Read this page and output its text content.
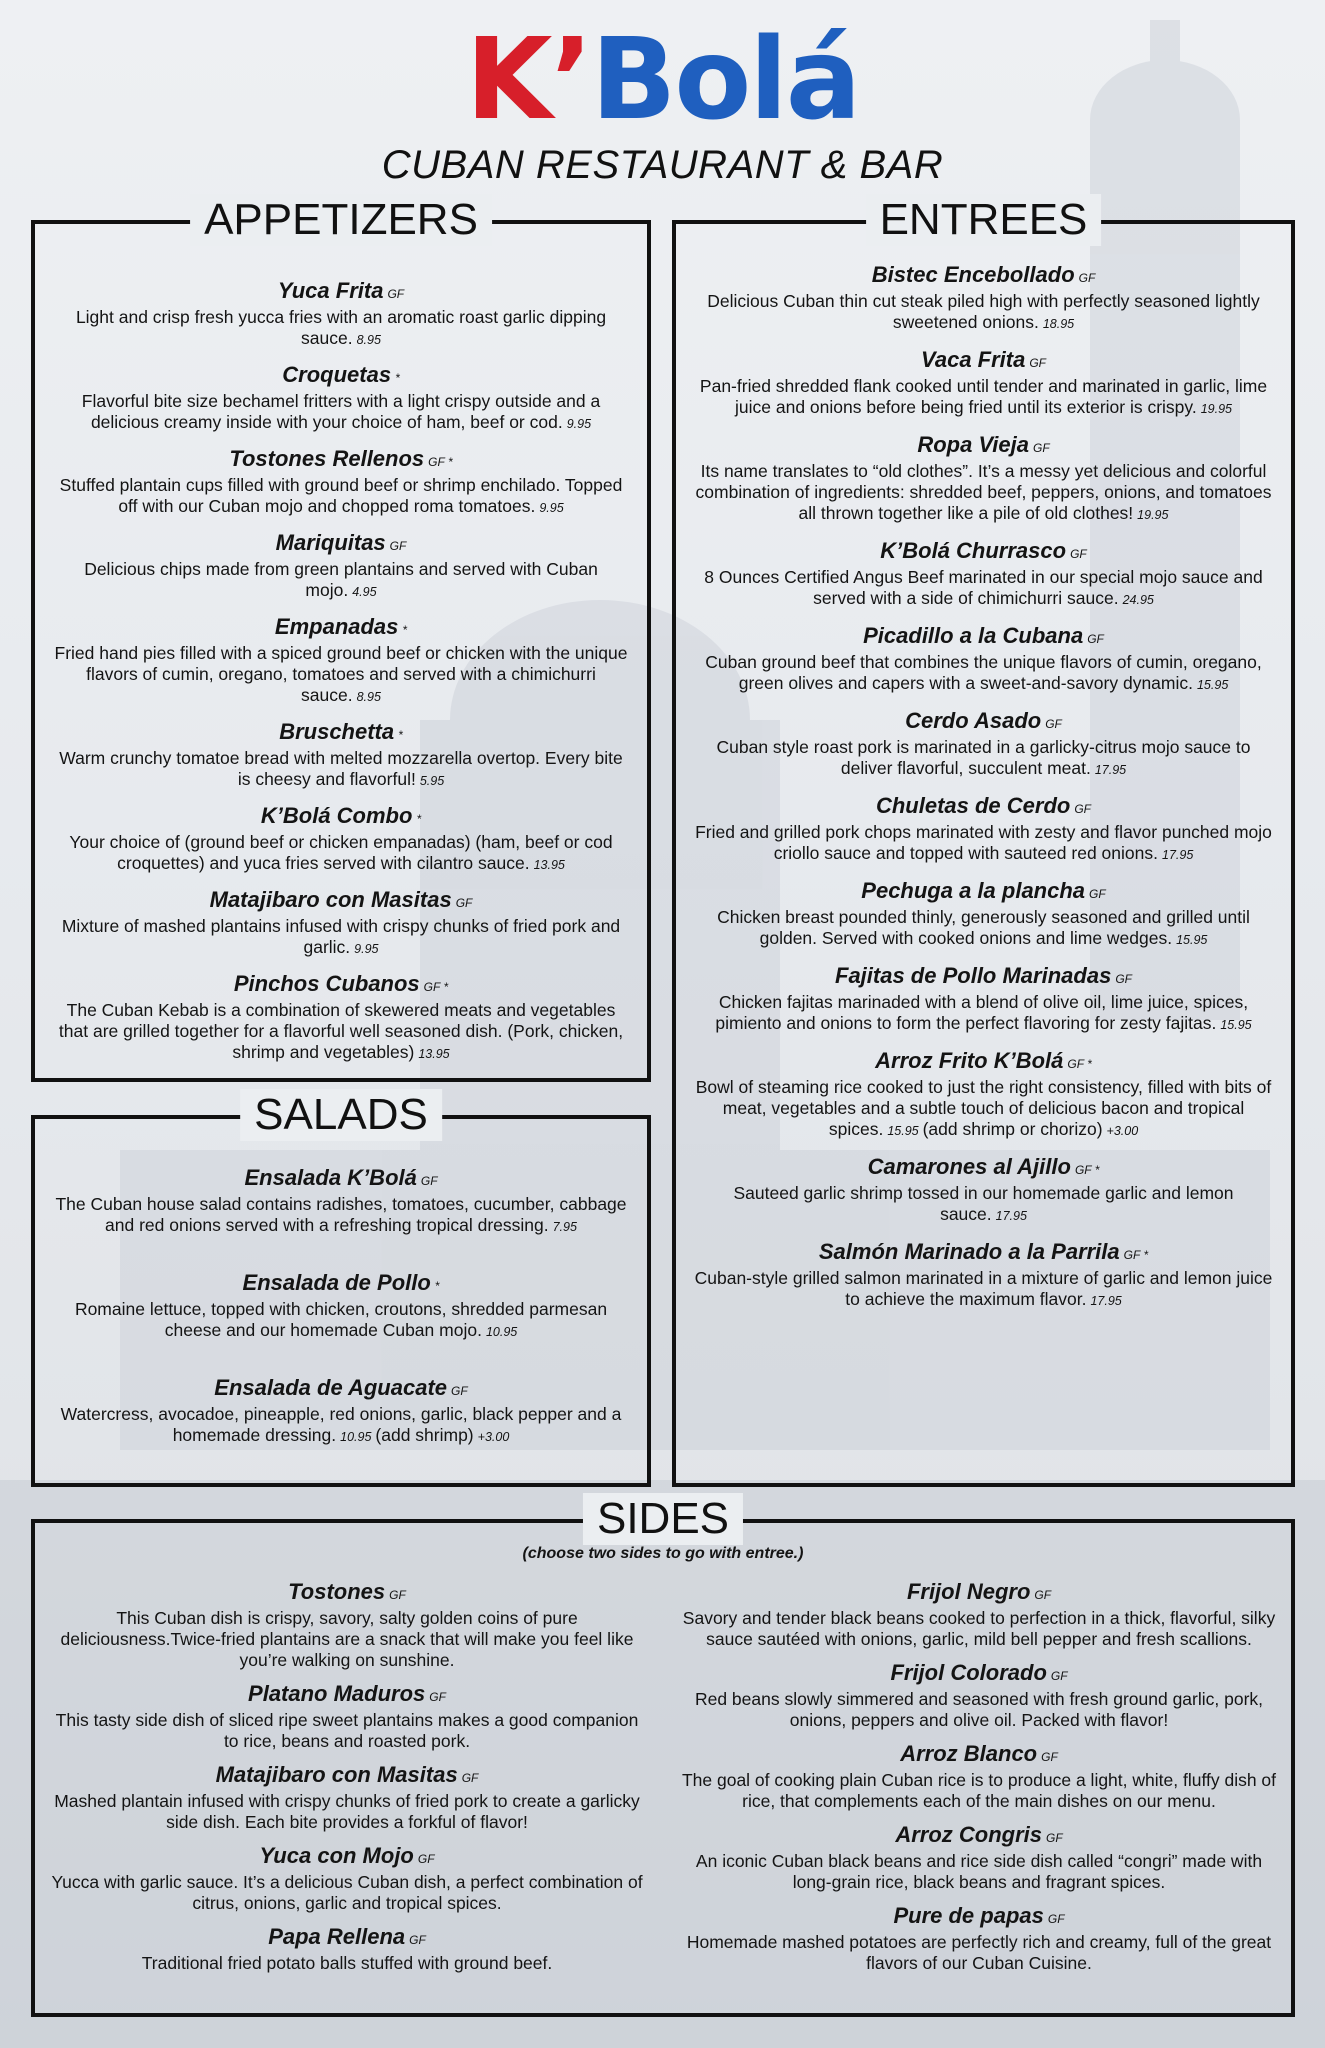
K’Bolá
CUBAN RESTAURANT & BAR
APPETIZERS
Yuca Frita GF
Light and crisp fresh yucca fries with an aromatic roast garlic dipping sauce. 8.95
Croquetas *
Flavorful bite size bechamel fritters with a light crispy outside and a delicious creamy inside with your choice of ham, beef or cod. 9.95
Tostones Rellenos GF *
Stuffed plantain cups filled with ground beef or shrimp enchilado. Topped off with our Cuban mojo and chopped roma tomatoes. 9.95
Mariquitas GF
Delicious chips made from green plantains and served with Cuban mojo. 4.95
Empanadas *
Fried hand pies filled with a spiced ground beef or chicken with the unique flavors of cumin, oregano, tomatoes and served with a chimichurri sauce. 8.95
Bruschetta *
Warm crunchy tomatoe bread with melted mozzarella overtop. Every bite is cheesy and flavorful! 5.95
K’Bolá Combo *
Your choice of (ground beef or chicken empanadas) (ham, beef or cod croquettes) and yuca fries served with cilantro sauce. 13.95
Matajibaro con Masitas GF
Mixture of mashed plantains infused with crispy chunks of fried pork and garlic. 9.95
Pinchos Cubanos GF *
The Cuban Kebab is a combination of skewered meats and vegetables that are grilled together for a flavorful well seasoned dish. (Pork, chicken, shrimp and vegetables) 13.95
SALADS
Ensalada K’Bolá GF
The Cuban house salad contains radishes, tomatoes, cucumber, cabbage and red onions served with a refreshing tropical dressing. 7.95
Ensalada de Pollo *
Romaine lettuce, topped with chicken, croutons, shredded parmesan cheese and our homemade Cuban mojo. 10.95
Ensalada de Aguacate GF
Watercress, avocadoe, pineapple, red onions, garlic, black pepper and a homemade dressing. 10.95 (add shrimp) +3.00
ENTREES
Bistec Encebollado GF
Delicious Cuban thin cut steak piled high with perfectly seasoned lightly sweetened onions. 18.95
Vaca Frita GF
Pan-fried shredded flank cooked until tender and marinated in garlic, lime juice and onions before being fried until its exterior is crispy. 19.95
Ropa Vieja GF
Its name translates to “old clothes”. It’s a messy yet delicious and colorful combination of ingredients: shredded beef, peppers, onions, and tomatoes all thrown together like a pile of old clothes! 19.95
K’Bolá Churrasco GF
8 Ounces Certified Angus Beef marinated in our special mojo sauce and served with a side of chimichurri sauce. 24.95
Picadillo a la Cubana GF
Cuban ground beef that combines the unique flavors of cumin, oregano, green olives and capers with a sweet-and-savory dynamic. 15.95
Cerdo Asado GF
Cuban style roast pork is marinated in a garlicky-citrus mojo sauce to deliver flavorful, succulent meat. 17.95
Chuletas de Cerdo GF
Fried and grilled pork chops marinated with zesty and flavor punched mojo criollo sauce and topped with sauteed red onions. 17.95
Pechuga a la plancha GF
Chicken breast pounded thinly, generously seasoned and grilled until golden. Served with cooked onions and lime wedges. 15.95
Fajitas de Pollo Marinadas GF
Chicken fajitas marinaded with a blend of olive oil, lime juice, spices, pimiento and onions to form the perfect flavoring for zesty fajitas. 15.95
Arroz Frito K’Bolá GF *
Bowl of steaming rice cooked to just the right consistency, filled with bits of meat, vegetables and a subtle touch of delicious bacon and tropical spices. 15.95 (add shrimp or chorizo) +3.00
Camarones al Ajillo GF *
Sauteed garlic shrimp tossed in our homemade garlic and lemon sauce. 17.95
Salmón Marinado a la Parrila GF *
Cuban-style grilled salmon marinated in a mixture of garlic and lemon juice to achieve the maximum flavor. 17.95
SIDES
(choose two sides to go with entree.)
Tostones GF
This Cuban dish is crispy, savory, salty golden coins of pure deliciousness.Twice-fried plantains are a snack that will make you feel like you’re walking on sunshine.
Platano Maduros GF
This tasty side dish of sliced ripe sweet plantains makes a good companion to rice, beans and roasted pork.
Matajibaro con Masitas GF
Mashed plantain infused with crispy chunks of fried pork to create a garlicky side dish. Each bite provides a forkful of flavor!
Yuca con Mojo GF
Yucca with garlic sauce. It’s a delicious Cuban dish, a perfect combination of citrus, onions, garlic and tropical spices.
Papa Rellena GF
Traditional fried potato balls stuffed with ground beef.
Frijol Negro GF
Savory and tender black beans cooked to perfection in a thick, flavorful, silky sauce sautéed with onions, garlic, mild bell pepper and fresh scallions.
Frijol Colorado GF
Red beans slowly simmered and seasoned with fresh ground garlic, pork, onions, peppers and olive oil. Packed with flavor!
Arroz Blanco GF
The goal of cooking plain Cuban rice is to produce a light, white, fluffy dish of rice, that complements each of the main dishes on our menu.
Arroz Congris GF
An iconic Cuban black beans and rice side dish called “congri” made with long-grain rice, black beans and fragrant spices.
Pure de papas GF
Homemade mashed potatoes are perfectly rich and creamy, full of the great flavors of our Cuban Cuisine.
